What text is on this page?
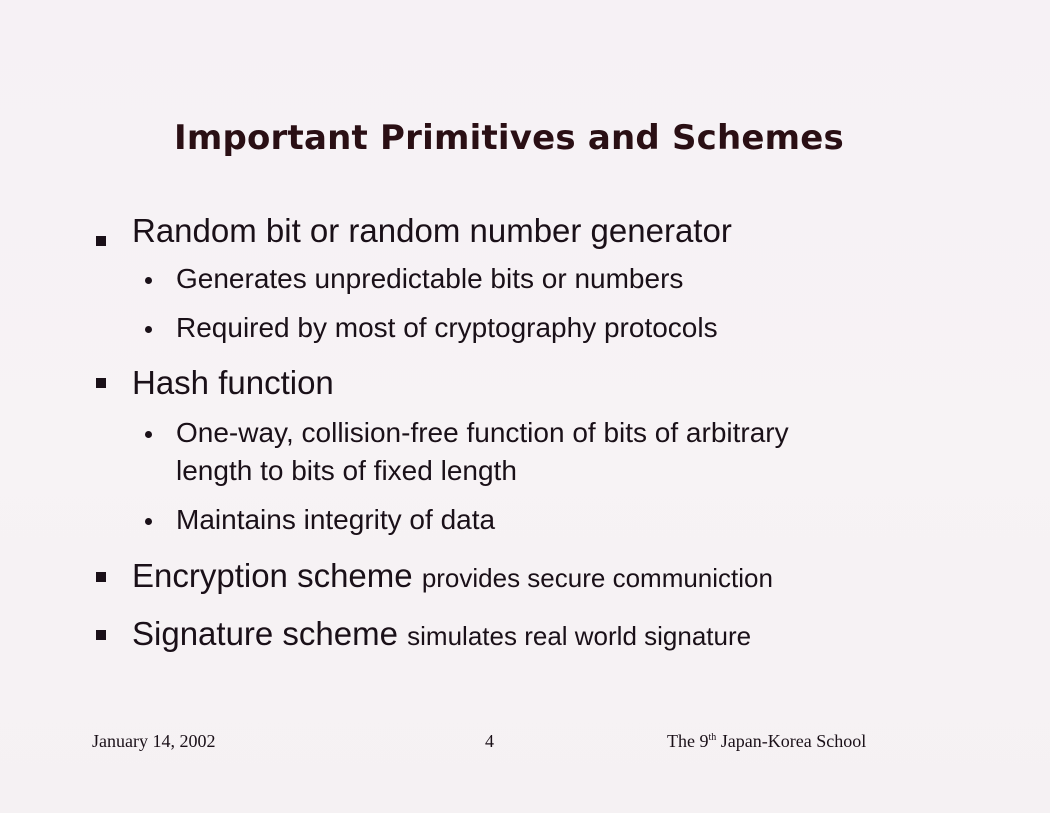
Important Primitives and Schemes
Random bit or random number generator
Generates unpredictable bits or numbers
Required by most of cryptography protocols
Hash function
One-way, collision-free function of bits of arbitrary
length to bits of fixed length
Maintains integrity of data
Encryption scheme provides secure communiction
Signature scheme simulates real world signature
January 14, 2002	4	The 9th Japan-Korea School
